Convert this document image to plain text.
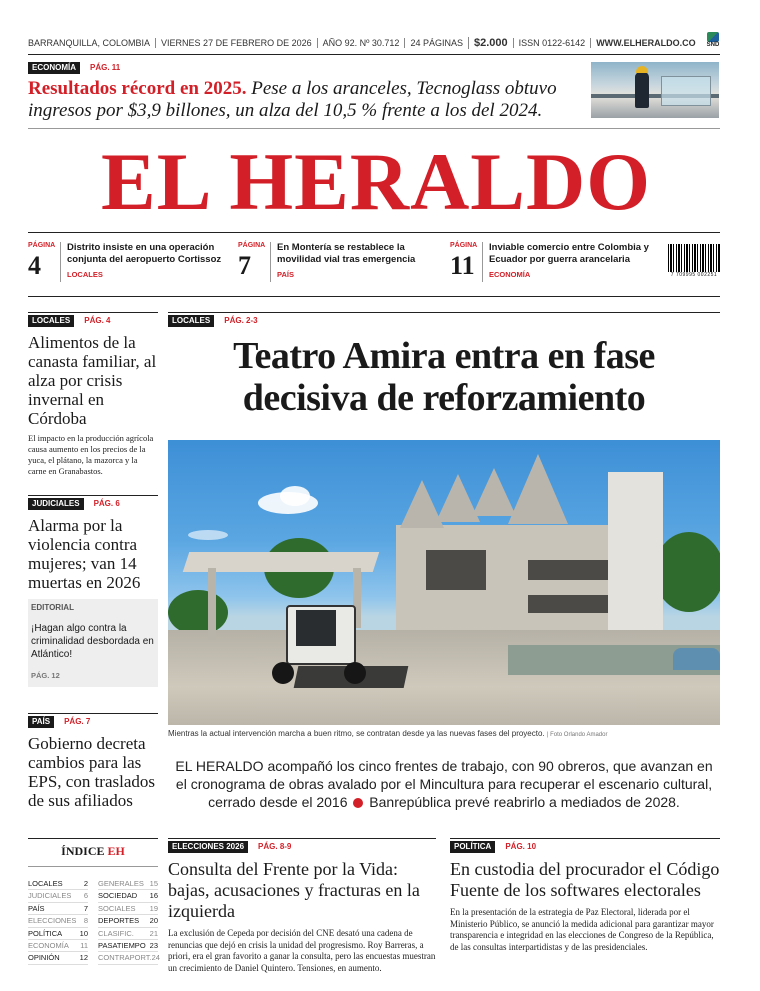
BARRANQUILLA, COLOMBIA	VIERNES 27 DE FEBRERO DE 2026	AÑO 92. Nº 30.712	24 PÁGINAS	$2.000	ISSN 0122-6142	WWW.ELHERALDO.CO	SND
ECONOMÍA	PÁG. 11
Resultados récord en 2025. Pese a los aranceles, Tecnoglass obtuvo ingresos por $3,9 billones, un alza del 10,5 % frente a los del 2024.
EL HERALDO
PÁGINA
4
Distrito insiste en una operación conjunta del aeropuerto Cortissoz
LOCALES
PÁGINA
7
En Montería se restablece la movilidad vial tras emergencia
PAÍS
PÁGINA
11
Inviable comercio entre Colombia y Ecuador por guerra arancelaria
ECONOMÍA	7 709995 002251
LOCALES	PÁG. 4
Alimentos de la canasta familiar, al alza por crisis invernal en Córdoba
El impacto en la producción agrícola causa aumento en los precios de la yuca, el plátano, la mazorca y la carne en Granabastos.
JUDICIALES	PÁG. 6
Alarma por la violencia contra mujeres; van 14 muertas en 2026
EDITORIAL
¡Hagan algo contra la criminalidad desbordada en Atlántico!
PÁG. 12
PAÍS	PÁG. 7
Gobierno decreta cambios para las EPS, con traslados de sus afiliados
LOCALES	PÁG. 2-3
Teatro Amira entra en fase
decisiva de reforzamiento
Mientras la actual intervención marcha a buen ritmo, se contratan desde ya las nuevas fases del proyecto. | Foto Orlando Amador
EL HERALDO acompañó los cinco frentes de trabajo, con 90 obreros, que avanzan en el cronograma de obras avalado por el Mincultura para recuperar el escenario cultural, cerrado desde el 2016 Banrepública prevé reabrirlo a mediados de 2028.
ÍNDICE EH
LOCALES	2
JUDICIALES 6
PAÍS	7
ELECCIONES 8
POLÍTICA 10
ECONOMÍA 11
OPINIÓN	12
GENERALES 15
SOCIEDAD 16
SOCIALES 19
DEPORTES 20
CLASIFIC. 21
PASATIEMPO 23
CONTRAPORT. 24
ELECCIONES 2026	PÁG. 8-9
Consulta del Frente por la Vida: bajas, acusaciones y fracturas en la izquierda
La exclusión de Cepeda por decisión del CNE desató una cadena de renuncias que dejó en crisis la unidad del progresismo. Roy Barreras, a priori, era el gran favorito a ganar la consulta, pero las encuestas muestran un crecimiento de Daniel Quintero. Tensiones, en aumento.
POLÍTICA	PÁG. 10
En custodia del procurador el Código Fuente de los softwares electorales
En la presentación de la estrategia de Paz Electoral, liderada por el Ministerio Público, se anunció la medida adicional para garantizar mayor transparencia e integridad en las elecciones de Congreso de la República, de las consultas interpartidistas y de las presidenciales.
